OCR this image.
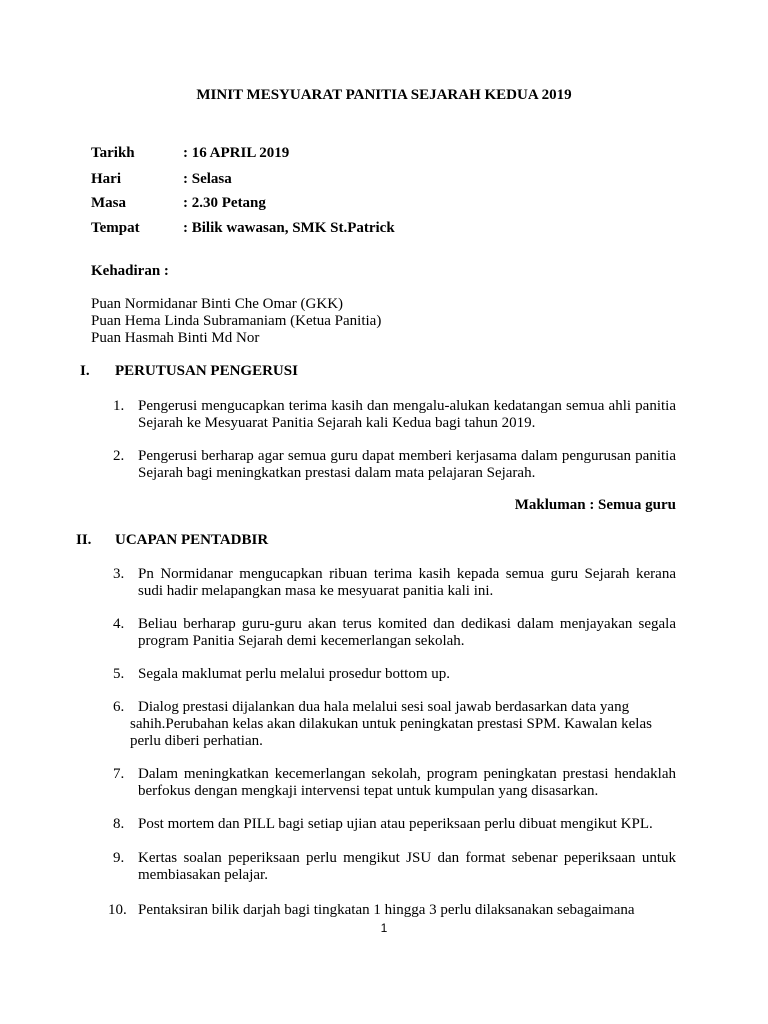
MINIT MESYUARAT PANITIA SEJARAH KEDUA 2019
Tarikh	: 16 APRIL 2019
Hari	: Selasa
Masa	: 2.30 Petang
Tempat	: Bilik wawasan, SMK St.Patrick
Kehadiran :
Puan Normidanar Binti Che Omar (GKK)
Puan Hema Linda Subramaniam (Ketua Panitia)
Puan Hasmah Binti Md Nor
I. PERUTUSAN PENGERUSI
1. Pengerusi mengucapkan terima kasih dan mengalu-alukan kedatangan semua ahli panitia Sejarah ke Mesyuarat Panitia Sejarah kali Kedua bagi tahun 2019.
2. Pengerusi berharap agar semua guru dapat memberi kerjasama dalam pengurusan panitia Sejarah bagi meningkatkan prestasi dalam mata pelajaran Sejarah.
Makluman : Semua guru
II. UCAPAN PENTADBIR
3. Pn Normidanar mengucapkan ribuan terima kasih kepada semua guru Sejarah kerana sudi hadir melapangkan masa ke mesyuarat panitia kali ini.
4. Beliau berharap guru-guru akan terus komited dan dedikasi dalam menjayakan segala program Panitia Sejarah demi kecemerlangan sekolah.
5. Segala maklumat perlu melalui prosedur bottom up.
6. Dialog prestasi dijalankan dua hala melalui sesi soal jawab berdasarkan data yang
sahih.Perubahan kelas akan dilakukan untuk peningkatan prestasi SPM. Kawalan kelas
perlu diberi perhatian.
7. Dalam meningkatkan kecemerlangan sekolah, program peningkatan prestasi hendaklah berfokus dengan mengkaji intervensi tepat untuk kumpulan yang disasarkan.
8. Post mortem dan PILL bagi setiap ujian atau peperiksaan perlu dibuat mengikut KPL.
9. Kertas soalan peperiksaan perlu mengikut JSU dan format sebenar peperiksaan untuk membiasakan pelajar.
10. Pentaksiran bilik darjah bagi tingkatan 1 hingga 3 perlu dilaksanakan sebagaimana
1
